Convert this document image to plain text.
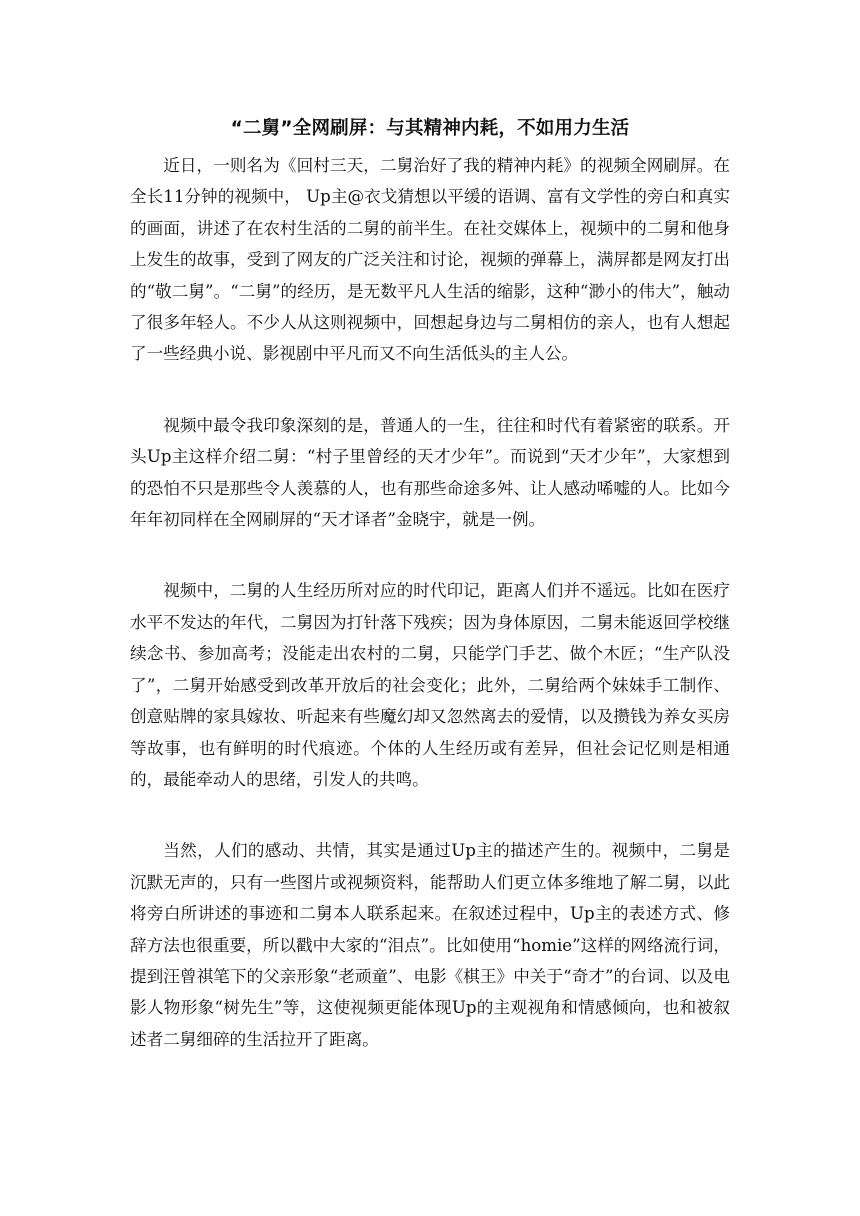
“二舅”全网刷屏：与其精神内耗，不如用力生活

近日，一则名为《回村三天，二舅治好了我的精神内耗》的视频全网刷屏。在全长11分钟的视频中， Up主@衣戈猜想以平缓的语调、富有文学性的旁白和真实的画面，讲述了在农村生活的二舅的前半生。在社交媒体上，视频中的二舅和他身上发生的故事，受到了网友的广泛关注和讨论，视频的弹幕上，满屏都是网友打出的“敬二舅”。“二舅”的经历，是无数平凡人生活的缩影，这种“渺小的伟大”，触动了很多年轻人。不少人从这则视频中，回想起身边与二舅相仿的亲人，也有人想起了一些经典小说、影视剧中平凡而又不向生活低头的主人公。

视频中最令我印象深刻的是，普通人的一生，往往和时代有着紧密的联系。开头Up主这样介绍二舅：“村子里曾经的天才少年”。而说到“天才少年”，大家想到的恐怕不只是那些令人羡慕的人，也有那些命途多舛、让人感动唏嘘的人。比如今年年初同样在全网刷屏的“天才译者”金晓宇，就是一例。

视频中，二舅的人生经历所对应的时代印记，距离人们并不遥远。比如在医疗水平不发达的年代，二舅因为打针落下残疾；因为身体原因，二舅未能返回学校继续念书、参加高考；没能走出农村的二舅，只能学门手艺、做个木匠；“生产队没了”，二舅开始感受到改革开放后的社会变化；此外，二舅给两个妹妹手工制作、创意贴牌的家具嫁妆、听起来有些魔幻却又忽然离去的爱情，以及攒钱为养女买房等故事，也有鲜明的时代痕迹。个体的人生经历或有差异，但社会记忆则是相通的，最能牵动人的思绪，引发人的共鸣。

当然，人们的感动、共情，其实是通过Up主的描述产生的。视频中，二舅是沉默无声的，只有一些图片或视频资料，能帮助人们更立体多维地了解二舅，以此将旁白所讲述的事迹和二舅本人联系起来。在叙述过程中，Up主的表述方式、修辞方法也很重要，所以戳中大家的“泪点”。比如使用“homie”这样的网络流行词，提到汪曾祺笔下的父亲形象“老顽童”、电影《棋王》中关于“奇才”的台词、以及电影人物形象“树先生”等，这使视频更能体现Up的主观视角和情感倾向，也和被叙述者二舅细碎的生活拉开了距离。
